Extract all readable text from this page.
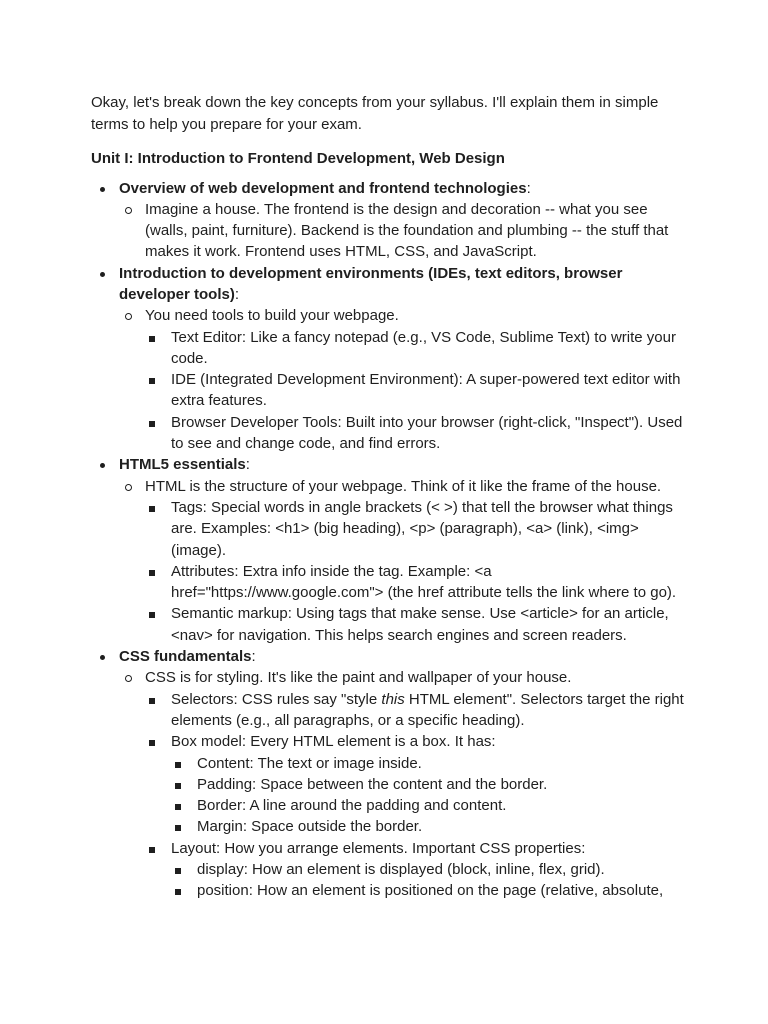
Okay, let's break down the key concepts from your syllabus. I'll explain them in simple terms to help you prepare for your exam.

Unit I: Introduction to Frontend Development, Web Design
Overview of web development and frontend technologies:
Imagine a house. The frontend is the design and decoration -- what you see (walls, paint, furniture). Backend is the foundation and plumbing -- the stuff that makes it work. Frontend uses HTML, CSS, and JavaScript.
Introduction to development environments (IDEs, text editors, browser developer tools):
You need tools to build your webpage.
Text Editor: Like a fancy notepad (e.g., VS Code, Sublime Text) to write your code.
IDE (Integrated Development Environment): A super-powered text editor with extra features.
Browser Developer Tools: Built into your browser (right-click, "Inspect"). Used to see and change code, and find errors.
HTML5 essentials:
HTML is the structure of your webpage. Think of it like the frame of the house.
Tags: Special words in angle brackets (< >) that tell the browser what things are. Examples: <h1> (big heading), <p> (paragraph), <a> (link), <img> (image).
Attributes: Extra info inside the tag. Example: <a href="https://www.google.com"> (the href attribute tells the link where to go).
Semantic markup: Using tags that make sense. Use <article> for an article, <nav> for navigation. This helps search engines and screen readers.
CSS fundamentals:
CSS is for styling. It's like the paint and wallpaper of your house.
Selectors: CSS rules say "style this HTML element". Selectors target the right elements (e.g., all paragraphs, or a specific heading).
Box model: Every HTML element is a box. It has:
Content: The text or image inside.
Padding: Space between the content and the border.
Border: A line around the padding and content.
Margin: Space outside the border.
Layout: How you arrange elements. Important CSS properties:
display: How an element is displayed (block, inline, flex, grid).
position: How an element is positioned on the page (relative, absolute,
